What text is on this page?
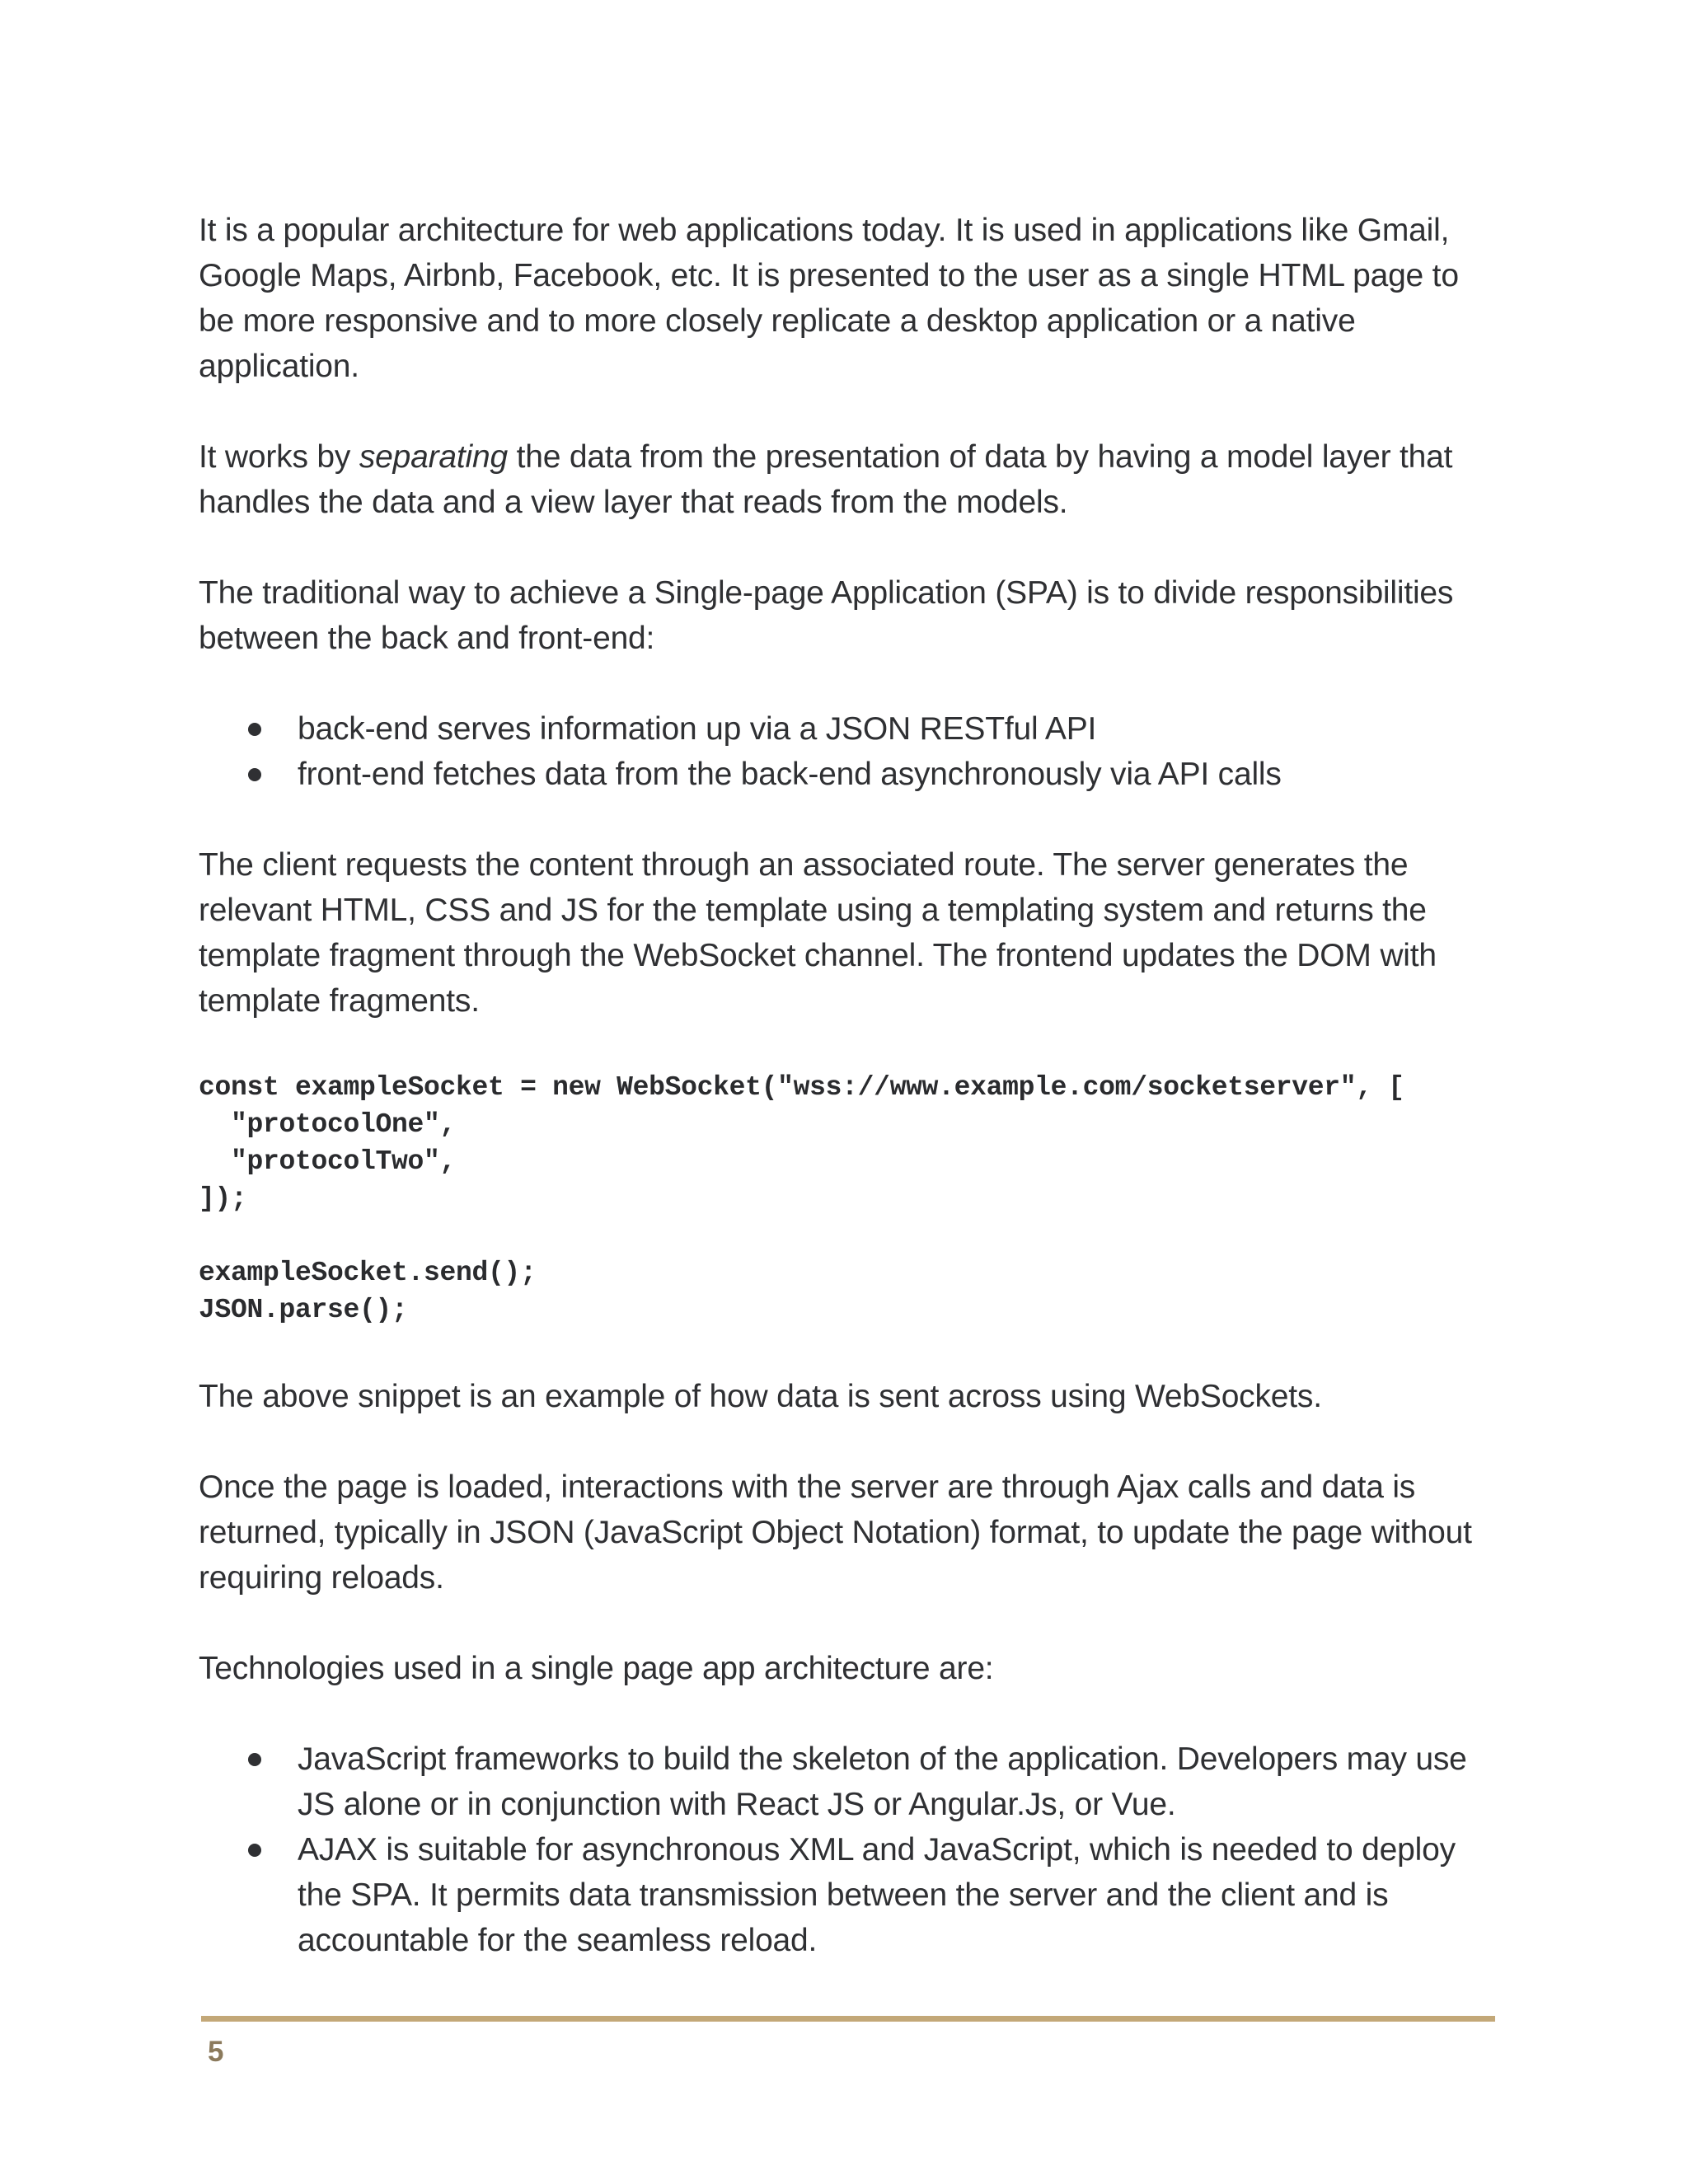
It is a popular architecture for web applications today. It is used in applications like Gmail, Google Maps, Airbnb, Facebook, etc. It is presented to the user as a single HTML page to be more responsive and to more closely replicate a desktop application or a native application.

It works by separating the data from the presentation of data by having a model layer that handles the data and a view layer that reads from the models.

The traditional way to achieve a Single-page Application (SPA) is to divide responsibilities between the back and front-end:

back-end serves information up via a JSON RESTful API
front-end fetches data from the back-end asynchronously via API calls

The client requests the content through an associated route. The server generates the relevant HTML, CSS and JS for the template using a templating system and returns the template fragment through the WebSocket channel. The frontend updates the DOM with template fragments.

const exampleSocket = new WebSocket("wss://www.example.com/socketserver", [
"protocolOne",
"protocolTwo",
]);
exampleSocket.send();
JSON.parse();

The above snippet is an example of how data is sent across using WebSockets.

Once the page is loaded, interactions with the server are through Ajax calls and data is returned, typically in JSON (JavaScript Object Notation) format, to update the page without requiring reloads.

Technologies used in a single page app architecture are:

JavaScript frameworks to build the skeleton of the application. Developers may use JS alone or in conjunction with React JS or Angular.Js, or Vue.
AJAX is suitable for asynchronous XML and JavaScript, which is needed to deploy the SPA. It permits data transmission between the server and the client and is accountable for the seamless reload.
5
